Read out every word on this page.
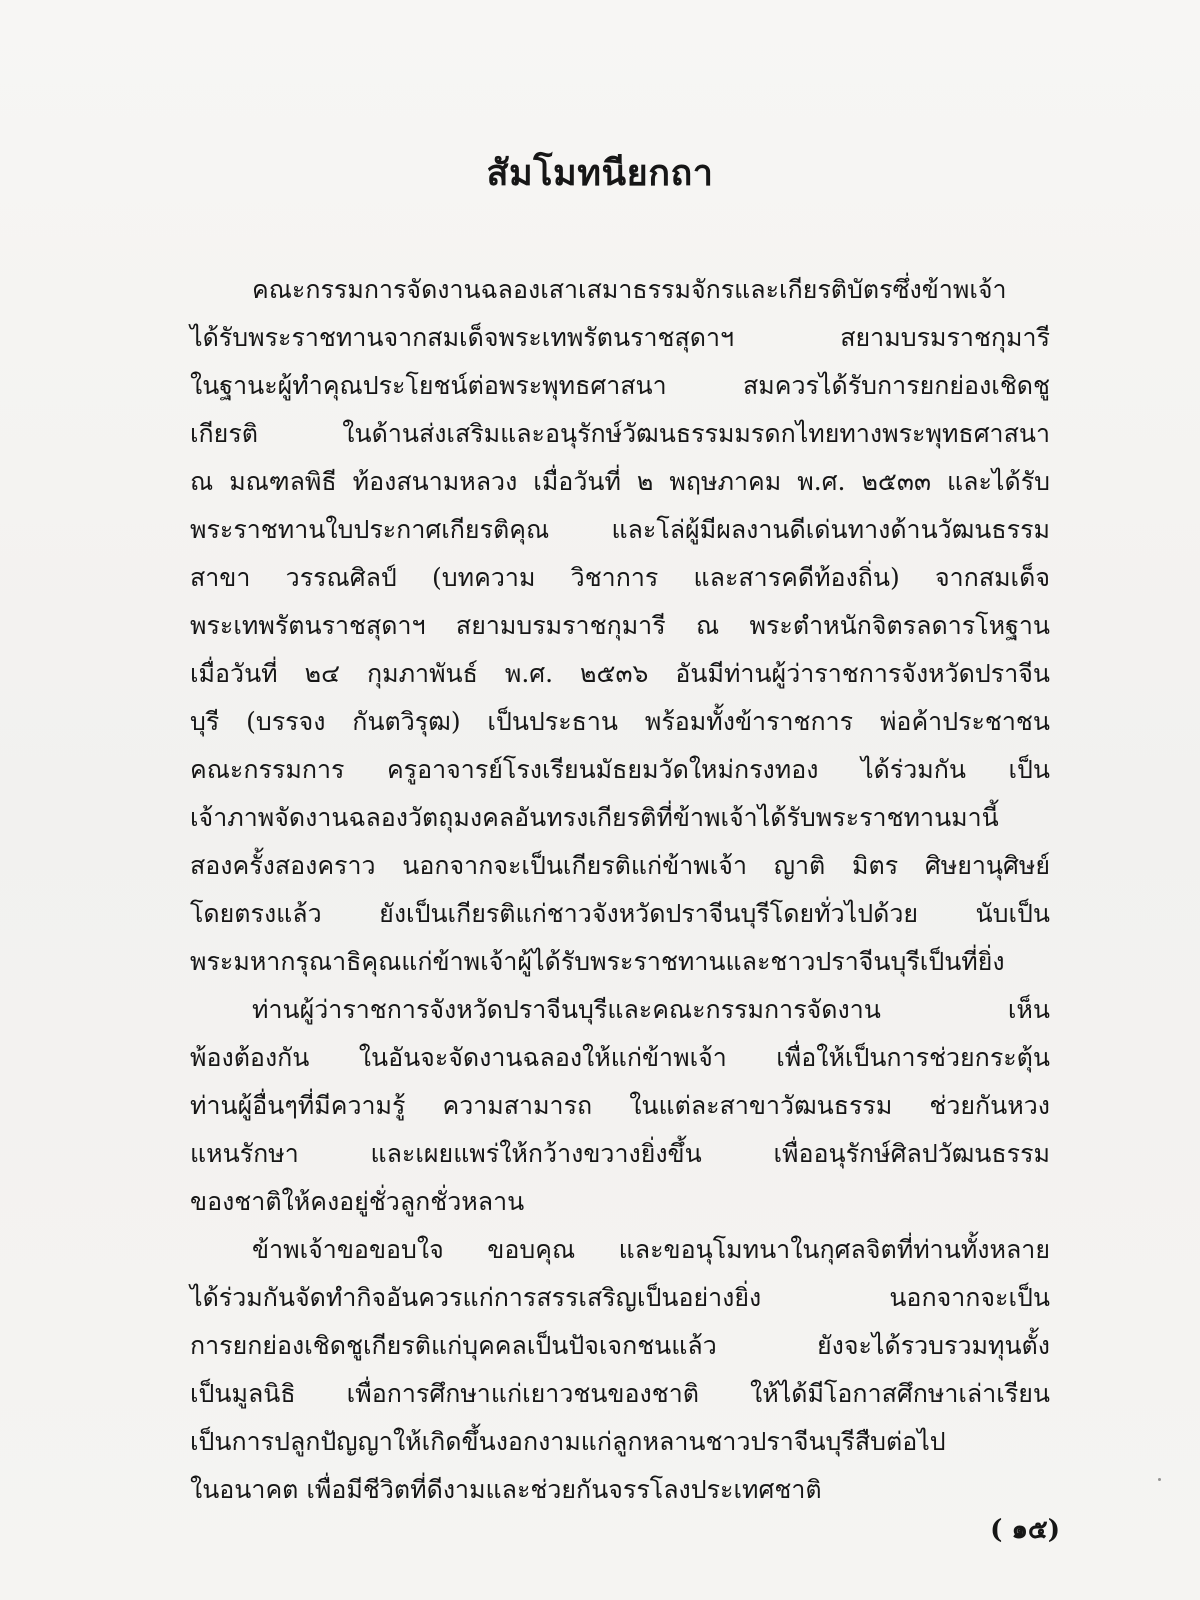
สัมโมทนียกถา
คณะกรรมการจัดงานฉลองเสาเสมาธรรมจักรและเกียรติบัตรซึ่งข้าพเจ้า
ได้รับพระราชทานจากสมเด็จพระเทพรัตนราชสุดาฯ สยามบรมราชกุมารี
ในฐานะผู้ทำคุณประโยชน์ต่อพระพุทธศาสนา สมควรได้รับการยกย่องเชิดชู
เกียรติ ในด้านส่งเสริมและอนุรักษ์วัฒนธรรมมรดกไทยทางพระพุทธศาสนา
ณ มณฑลพิธี ท้องสนามหลวง เมื่อวันที่ ๒ พฤษภาคม พ.ศ. ๒๕๓๓ และได้รับ
พระราชทานใบประกาศเกียรติคุณ และโล่ผู้มีผลงานดีเด่นทางด้านวัฒนธรรม
สาขา วรรณศิลป์ (บทความ วิชาการ และสารคดีท้องถิ่น) จากสมเด็จ
พระเทพรัตนราชสุดาฯ สยามบรมราชกุมารี ณ พระตำหนักจิตรลดารโหฐาน
เมื่อวันที่ ๒๔ กุมภาพันธ์ พ.ศ. ๒๕๓๖ อันมีท่านผู้ว่าราชการจังหวัดปราจีน
บุรี (บรรจง กันตวิรุฒ) เป็นประธาน พร้อมทั้งข้าราชการ พ่อค้าประชาชน
คณะกรรมการ ครูอาจารย์โรงเรียนมัธยมวัดใหม่กรงทอง ได้ร่วมกัน เป็น
เจ้าภาพจัดงานฉลองวัตถุมงคลอันทรงเกียรติที่ข้าพเจ้าได้รับพระราชทานมานี้
สองครั้งสองคราว นอกจากจะเป็นเกียรติแก่ข้าพเจ้า ญาติ มิตร ศิษยานุศิษย์
โดยตรงแล้ว ยังเป็นเกียรติแก่ชาวจังหวัดปราจีนบุรีโดยทั่วไปด้วย นับเป็น
พระมหากรุณาธิคุณแก่ข้าพเจ้าผู้ได้รับพระราชทานและชาวปราจีนบุรีเป็นที่ยิ่ง
ท่านผู้ว่าราชการจังหวัดปราจีนบุรีและคณะกรรมการจัดงาน เห็น
พ้องต้องกัน ในอันจะจัดงานฉลองให้แก่ข้าพเจ้า เพื่อให้เป็นการช่วยกระตุ้น
ท่านผู้อื่นๆที่มีความรู้ ความสามารถ ในแต่ละสาขาวัฒนธรรม ช่วยกันหวง
แหนรักษา และเผยแพร่ให้กว้างขวางยิ่งขึ้น เพื่ออนุรักษ์ศิลปวัฒนธรรม
ของชาติให้คงอยู่ชั่วลูกชั่วหลาน
ข้าพเจ้าขอขอบใจ ขอบคุณ และขอนุโมทนาในกุศลจิตที่ท่านทั้งหลาย
ได้ร่วมกันจัดทำกิจอันควรแก่การสรรเสริญเป็นอย่างยิ่ง นอกจากจะเป็น
การยกย่องเชิดชูเกียรติแก่บุคคลเป็นปัจเจกชนแล้ว ยังจะได้รวบรวมทุนตั้ง
เป็นมูลนิธิ เพื่อการศึกษาแก่เยาวชนของชาติ ให้ได้มีโอกาสศึกษาเล่าเรียน
เป็นการปลูกปัญญาให้เกิดขึ้นงอกงามแก่ลูกหลานชาวปราจีนบุรีสืบต่อไป
ในอนาคต เพื่อมีชีวิตที่ดีงามและช่วยกันจรรโลงประเทศชาติ
( ๑๕)
